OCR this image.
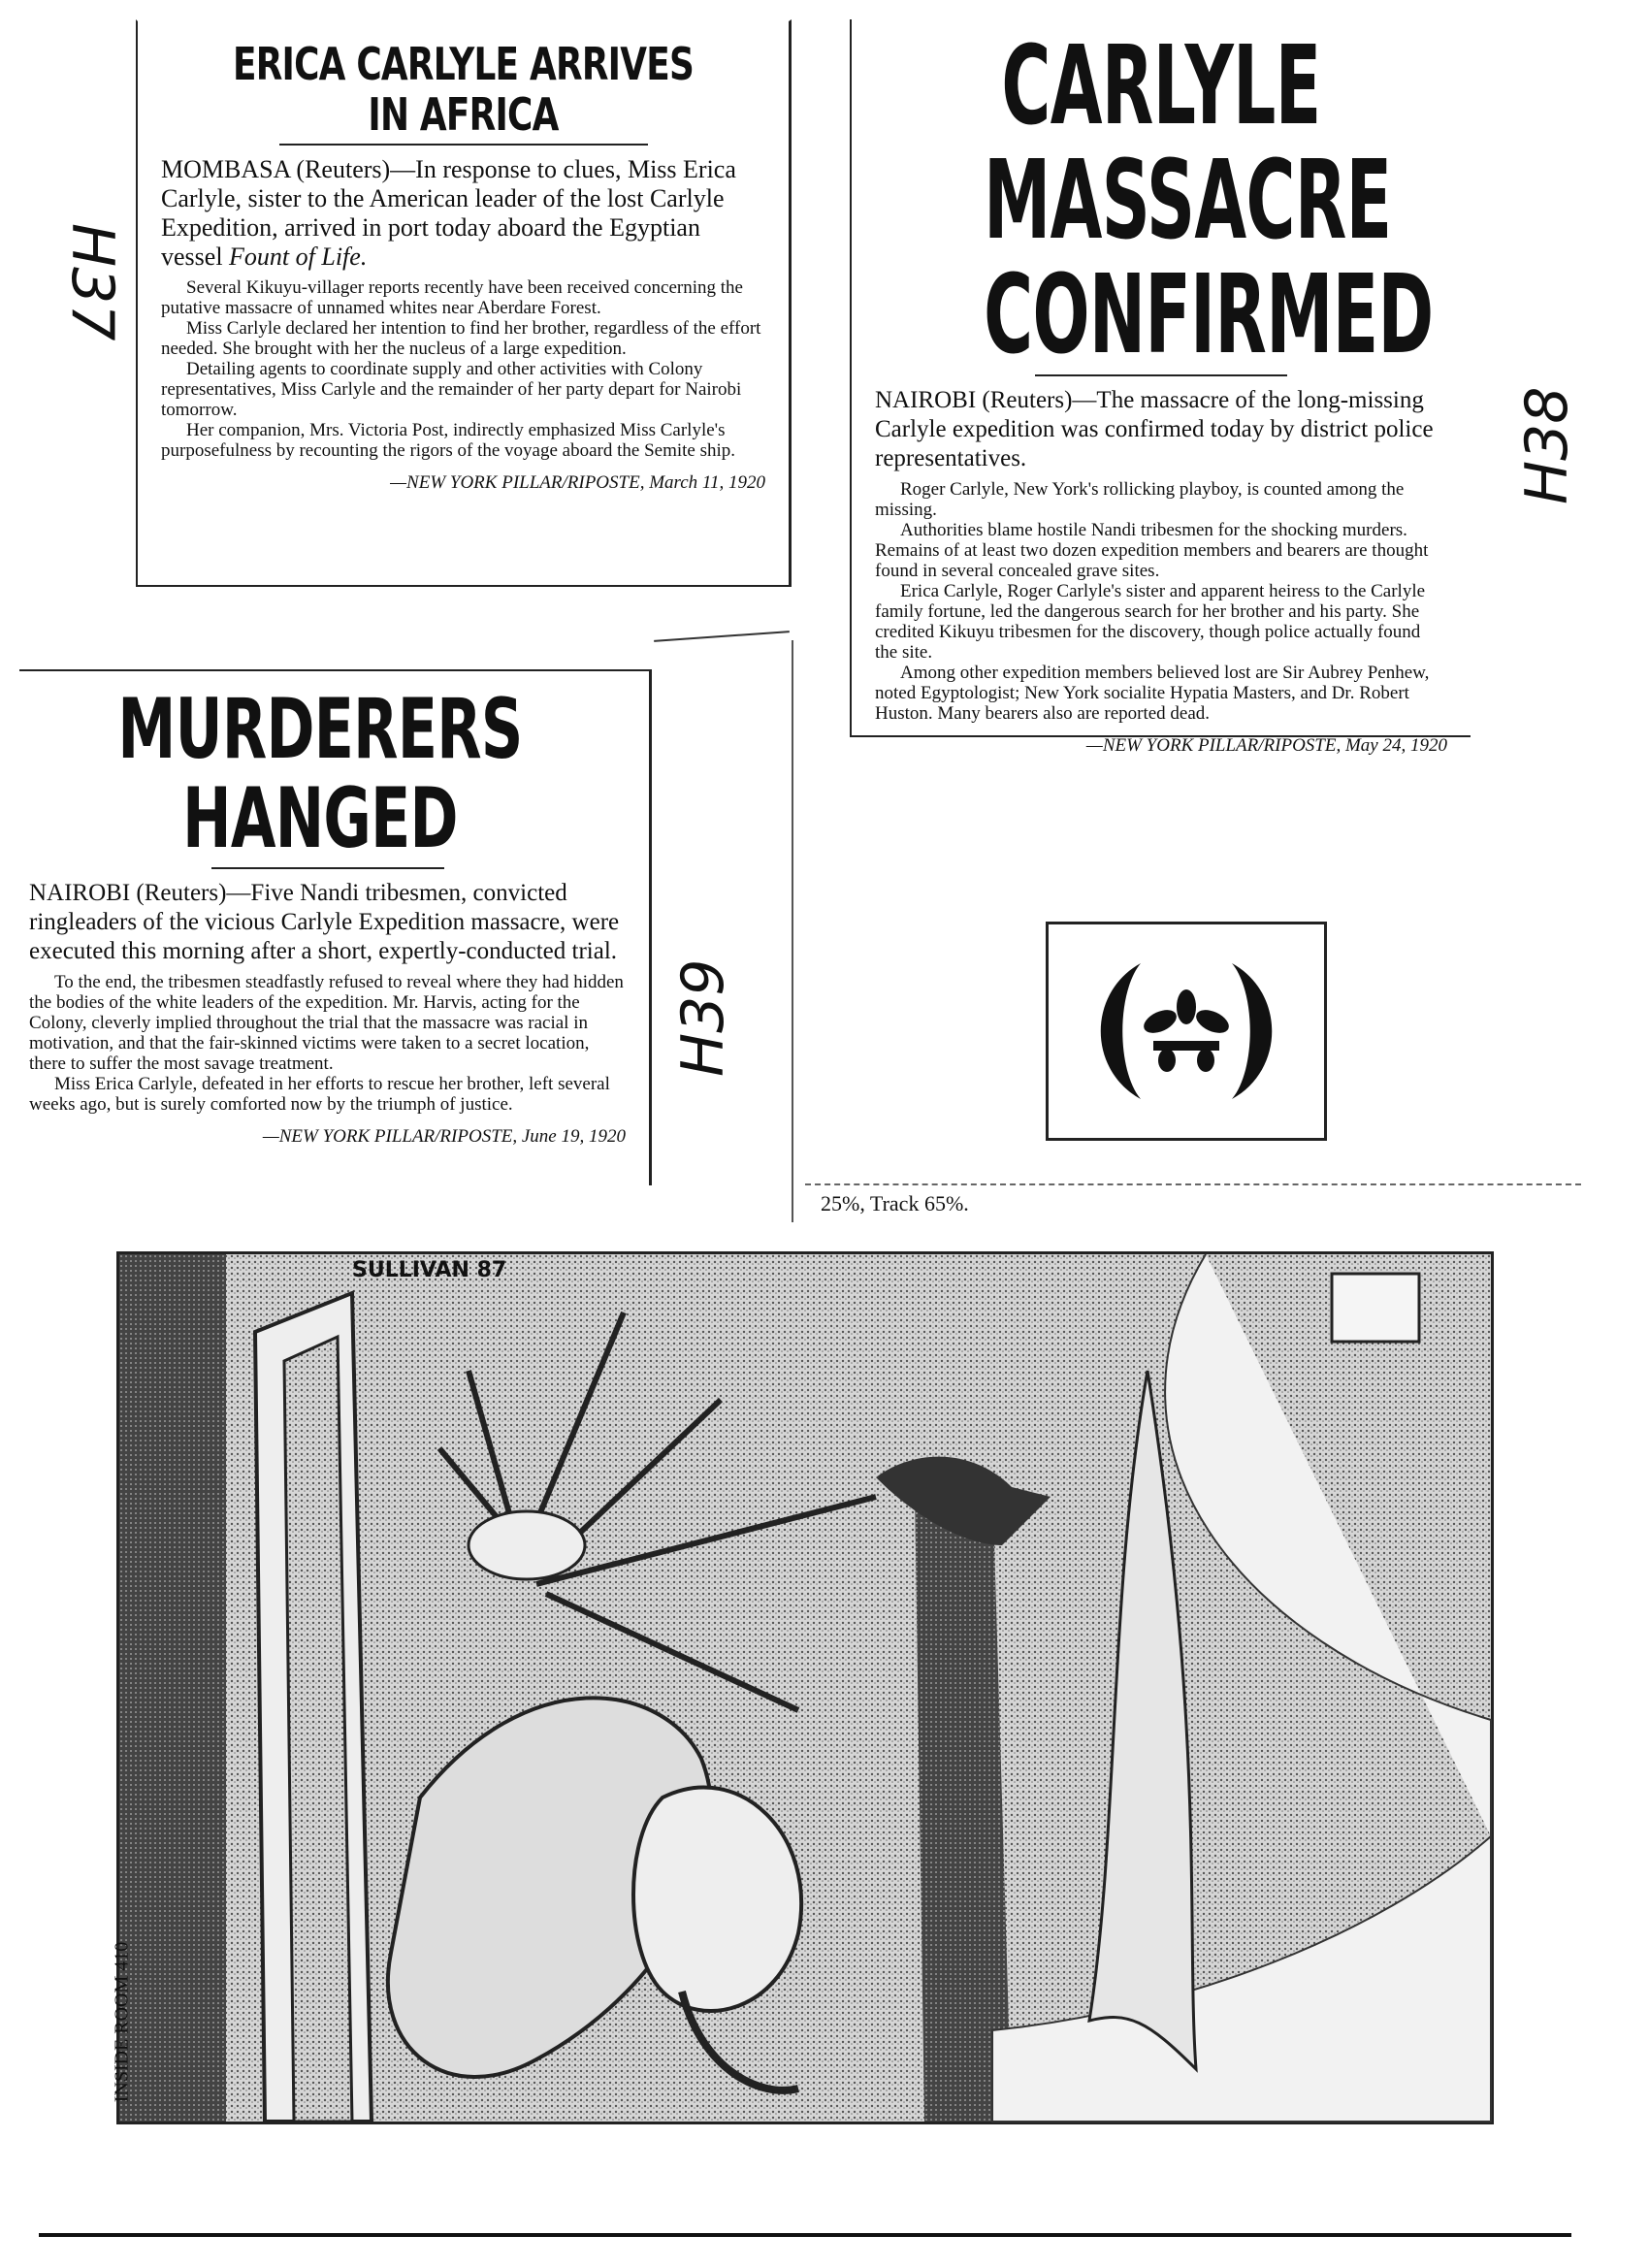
ERICA CARLYLE ARRIVES IN AFRICA

MOMBASA (Reuters)—In response to clues, Miss Erica Carlyle, sister to the American leader of the lost Carlyle Expedition, arrived in port today aboard the Egyptian vessel Fount of Life.

Several Kikuyu-villager reports recently have been received concerning the putative massacre of unnamed whites near Aberdare Forest.

Miss Carlyle declared her intention to find her brother, regardless of the effort needed. She brought with her the nucleus of a large expedition.

Detailing agents to coordinate supply and other activities with Colony representatives, Miss Carlyle and the remainder of her party depart for Nairobi tomorrow.

Her companion, Mrs. Victoria Post, indirectly emphasized Miss Carlyle's purposefulness by recounting the rigors of the voyage aboard the Semite ship.

—NEW YORK PILLAR/RIPOSTE, March 11, 1920
CARLYLE MASSACRE CONFIRMED

NAIROBI (Reuters)—The massacre of the long-missing Carlyle expedition was confirmed today by district police representatives.

Roger Carlyle, New York's rollicking playboy, is counted among the missing.

Authorities blame hostile Nandi tribesmen for the shocking murders. Remains of at least two dozen expedition members and bearers are thought found in several concealed grave sites.

Erica Carlyle, Roger Carlyle's sister and apparent heiress to the Carlyle family fortune, led the dangerous search for her brother and his party. She credited Kikuyu tribesmen for the discovery, though police actually found the site.

Among other expedition members believed lost are Sir Aubrey Penhew, noted Egyptologist; New York socialite Hypatia Masters, and Dr. Robert Huston. Many bearers also are reported dead.

—NEW YORK PILLAR/RIPOSTE, May 24, 1920
MURDERERS HANGED

NAIROBI (Reuters)—Five Nandi tribesmen, convicted ringleaders of the vicious Carlyle Expedition massacre, were executed this morning after a short, expertly-conducted trial.

To the end, the tribesmen steadfastly refused to reveal where they had hidden the bodies of the white leaders of the expedition. Mr. Harvis, acting for the Colony, cleverly implied throughout the trial that the massacre was racial in motivation, and that the fair-skinned victims were taken to a secret location, there to suffer the most savage treatment.

Miss Erica Carlyle, defeated in her efforts to rescue her brother, left several weeks ago, but is surely comforted now by the triumph of justice.

—NEW YORK PILLAR/RIPOSTE, June 19, 1920
H37
H38
H39
25%, Track 65%.
SULLIVAN 87
INSIDE ROOM 410
